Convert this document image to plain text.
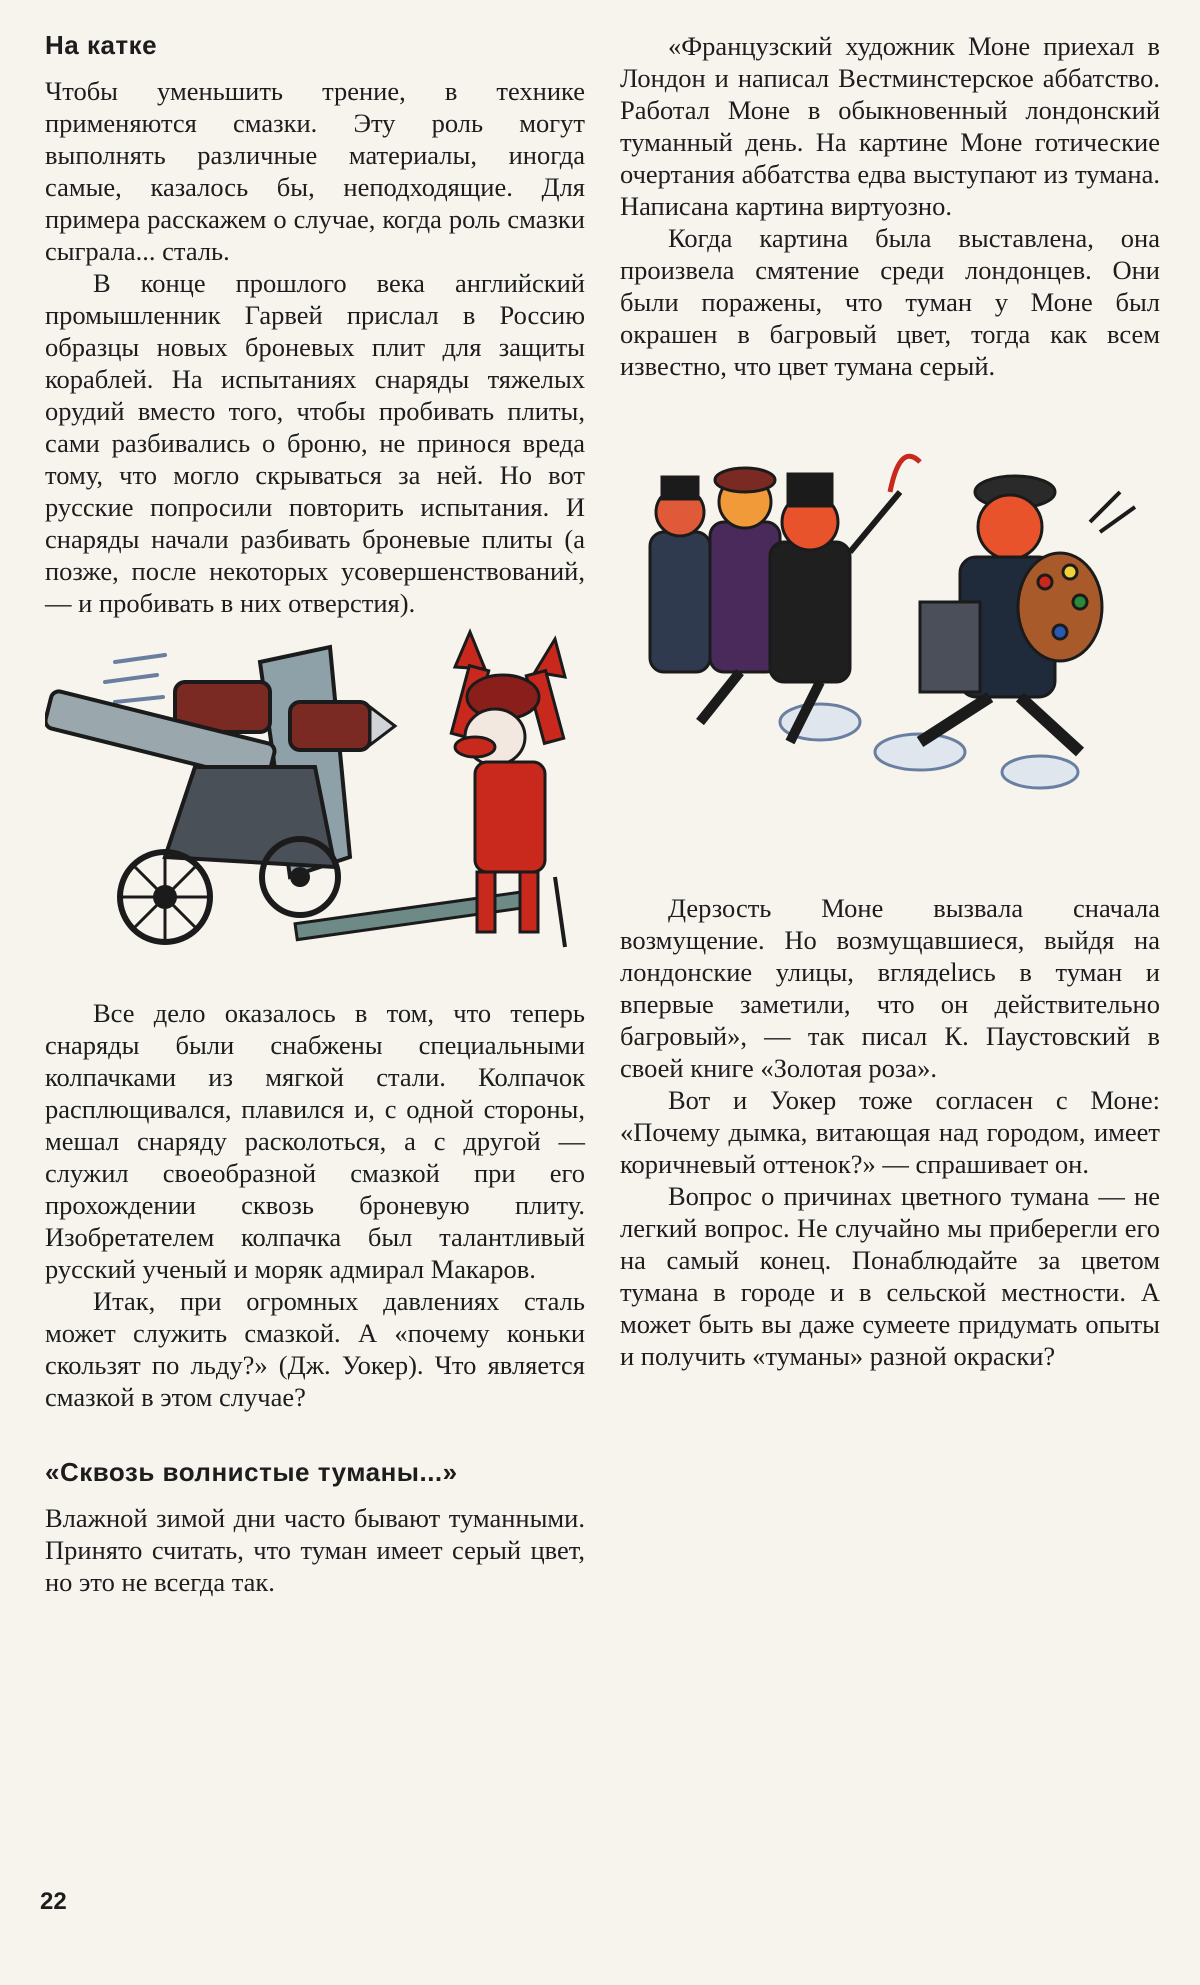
На катке

Чтобы уменьшить трение, в технике применяются смазки. Эту роль могут выполнять различные материалы, иногда самые, казалось бы, неподходящие. Для примера расскажем о случае, когда роль смазки сыграла... сталь.

В конце прошлого века английский промышленник Гарвей прислал в Россию образцы новых броневых плит для защиты кораблей. На испытаниях снаряды тяжелых орудий вместо того, чтобы пробивать плиты, сами разбивались о броню, не принося вреда тому, что могло скрываться за ней. Но вот русские попросили повторить испытания. И снаряды начали разбивать броневые плиты (а позже, после некоторых усовершенствований,— и пробивать в них отверстия).

Все дело оказалось в том, что теперь снаряды были снабжены специальными колпачками из мягкой стали. Колпачок расплющивался, плавился и, с одной стороны, мешал снаряду расколоться, а с другой — служил своеобразной смазкой при его прохождении сквозь броневую плиту. Изобретателем колпачка был талантливый русский ученый и моряк адмирал Макаров.

Итак, при огромных давлениях сталь может служить смазкой. А «почему коньки скользят по льду?» (Дж. Уокер). Что является смазкой в этом случае?

«Сквозь волнистые туманы...»

Влажной зимой дни часто бывают туманными. Принято считать, что туман имеет серый цвет, но это не всегда так.

«Французский художник Моне приехал в Лондон и написал Вестминстерское аббатство. Работал Моне в обыкновенный лондонский туманный день. На картине Моне готические очертания аббатства едва выступают из тумана. Написана картина виртуозно.

Когда картина была выставлена, она произвела смятение среди лондонцев. Они были поражены, что туман у Моне был окрашен в багровый цвет, тогда как всем известно, что цвет тумана серый.

Дерзость Моне вызвала сначала возмущение. Но возмущавшиеся, выйдя на лондонские улицы, вглядelись в туман и впервые заметили, что он действительно багровый», — так писал К. Паустовский в своей книге «Золотая роза».

Вот и Уокер тоже согласен с Моне: «Почему дымка, витающая над городом, имеет коричневый оттенок?» — спрашивает он.

Вопрос о причинах цветного тумана — не легкий вопрос. Не случайно мы приберегли его на самый конец. Понаблюдайте за цветом тумана в городе и в сельской местности. А может быть вы даже сумеете придумать опыты и получить «туманы» разной окраски?

22
